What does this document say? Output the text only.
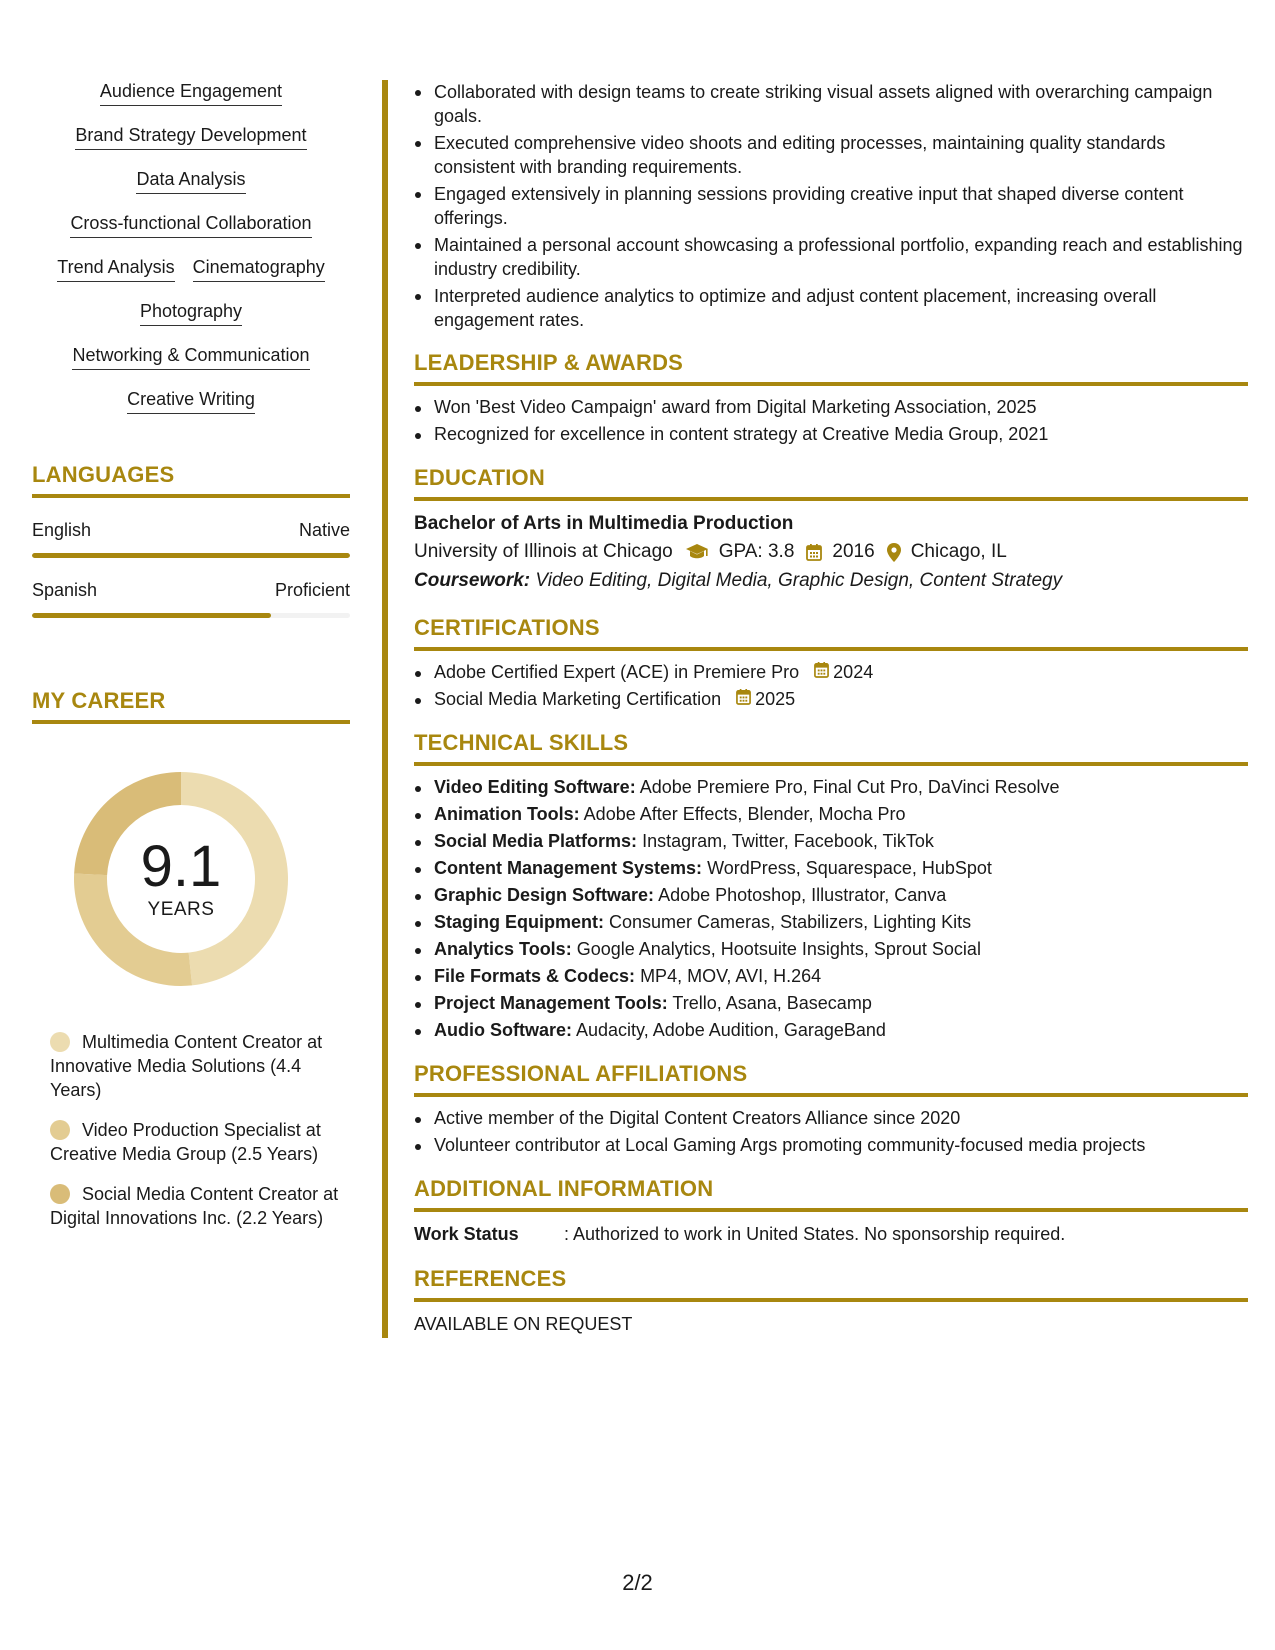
Audience Engagement
Brand Strategy Development
Data Analysis
Cross-functional Collaboration
Trend Analysis Cinematography
Photography
Networking & Communication
Creative Writing
LANGUAGES
English	Native
Spanish	Proficient
MY CAREER
9.1
YEARS
Multimedia Content Creator at Innovative Media Solutions (4.4 Years)
Video Production Specialist at Creative Media Group (2.5 Years)
Social Media Content Creator at Digital Innovations Inc. (2.2 Years)
Collaborated with design teams to create striking visual assets aligned with overarching campaign goals.
Executed comprehensive video shoots and editing processes, maintaining quality standards consistent with branding requirements.
Engaged extensively in planning sessions providing creative input that shaped diverse content offerings.
Maintained a personal account showcasing a professional portfolio, expanding reach and establishing industry credibility.
Interpreted audience analytics to optimize and adjust content placement, increasing overall engagement rates.
LEADERSHIP & AWARDS
Won 'Best Video Campaign' award from Digital Marketing Association, 2025
Recognized for excellence in content strategy at Creative Media Group, 2021
EDUCATION
Bachelor of Arts in Multimedia Production
University of Illinois at Chicago GPA: 3.8 2016 Chicago, IL
Coursework: Video Editing, Digital Media, Graphic Design, Content Strategy
CERTIFICATIONS
Adobe Certified Expert (ACE) in Premiere Pro 2024
Social Media Marketing Certification 2025
TECHNICAL SKILLS
Video Editing Software: Adobe Premiere Pro, Final Cut Pro, DaVinci Resolve
Animation Tools: Adobe After Effects, Blender, Mocha Pro
Social Media Platforms: Instagram, Twitter, Facebook, TikTok
Content Management Systems: WordPress, Squarespace, HubSpot
Graphic Design Software: Adobe Photoshop, Illustrator, Canva
Staging Equipment: Consumer Cameras, Stabilizers, Lighting Kits
Analytics Tools: Google Analytics, Hootsuite Insights, Sprout Social
File Formats & Codecs: MP4, MOV, AVI, H.264
Project Management Tools: Trello, Asana, Basecamp
Audio Software: Audacity, Adobe Audition, GarageBand
PROFESSIONAL AFFILIATIONS
Active member of the Digital Content Creators Alliance since 2020
Volunteer contributor at Local Gaming Args promoting community-focused media projects
ADDITIONAL INFORMATION
Work Status	: Authorized to work in United States. No sponsorship required.
REFERENCES
AVAILABLE ON REQUEST
2/2
